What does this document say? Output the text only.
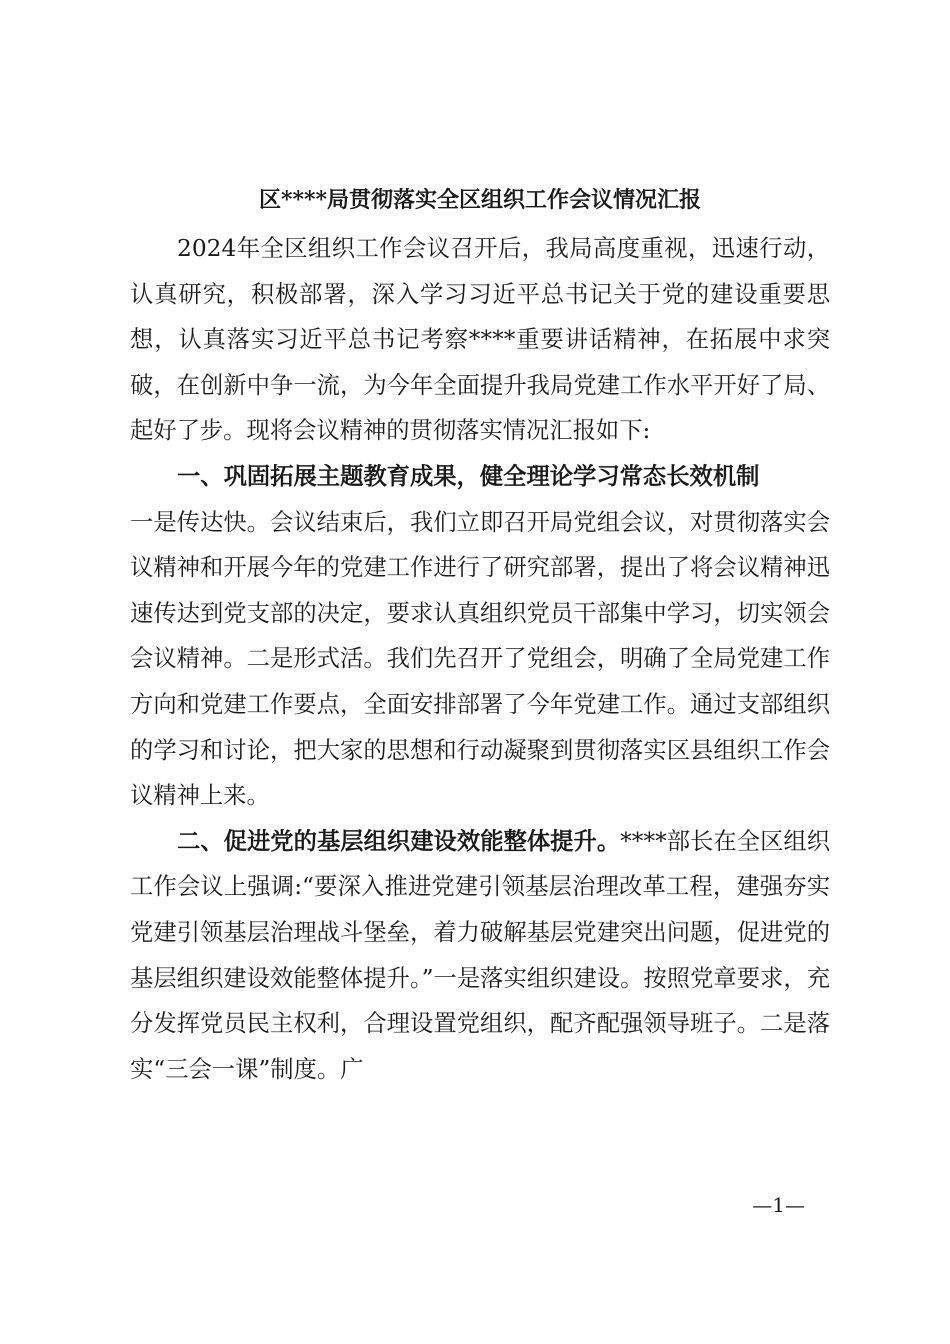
区****局贯彻落实全区组织工作会议情况汇报

2024年全区组织工作会议召开后，我局高度重视，迅速行动，认真研究，积极部署，深入学习习近平总书记关于党的建设重要思想，认真落实习近平总书记考察****重要讲话精神，在拓展中求突破，在创新中争一流，为今年全面提升我局党建工作水平开好了局、起好了步。现将会议精神的贯彻落实情况汇报如下:

一、巩固拓展主题教育成果，健全理论学习常态长效机制

一是传达快。会议结束后，我们立即召开局党组会议，对贯彻落实会议精神和开展今年的党建工作进行了研究部署，提出了将会议精神迅速传达到党支部的决定，要求认真组织党员干部集中学习，切实领会会议精神。二是形式活。我们先召开了党组会，明确了全局党建工作方向和党建工作要点，全面安排部署了今年党建工作。通过支部组织的学习和讨论，把大家的思想和行动凝聚到贯彻落实区县组织工作会议精神上来。

二、促进党的基层组织建设效能整体提升。****部长在全区组织工作会议上强调:“要深入推进党建引领基层治理改革工程，建强夯实党建引领基层治理战斗堡垒，着力破解基层党建突出问题，促进党的基层组织建设效能整体提升。”一是落实组织建设。按照党章要求，充分发挥党员民主权利，合理设置党组织，配齐配强领导班子。二是落实“三会一课”制度。广

—1—
